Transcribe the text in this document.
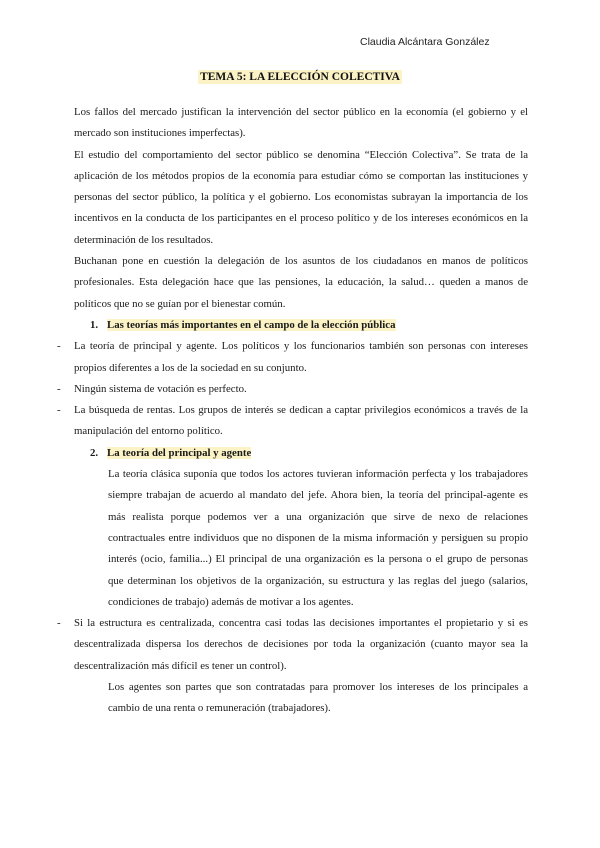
Claudia Alcántara González
TEMA 5: LA ELECCIÓN COLECTIVA

Los fallos del mercado justifican la intervención del sector público en la economía (el gobierno y el mercado son instituciones imperfectas).

El estudio del comportamiento del sector público se denomina “Elección Colectiva”. Se trata de la aplicación de los métodos propios de la economía para estudiar cómo se comportan las instituciones y personas del sector público, la política y el gobierno. Los economistas subrayan la importancia de los incentivos en la conducta de los participantes en el proceso político y de los intereses económicos en la determinación de los resultados.

Buchanan pone en cuestión la delegación de los asuntos de los ciudadanos en manos de políticos profesionales. Esta delegación hace que las pensiones, la educación, la salud… queden a manos de políticos que no se guían por el bienestar común.

1. Las teorías más importantes en el campo de la elección pública
- La teoría de principal y agente. Los políticos y los funcionarios también son personas con intereses propios diferentes a los de la sociedad en su conjunto.
- Ningún sistema de votación es perfecto.
- La búsqueda de rentas. Los grupos de interés se dedican a captar privilegios económicos a través de la manipulación del entorno político.
2. La teoría del principal y agente

La teoría clásica suponía que todos los actores tuvieran información perfecta y los trabajadores siempre trabajan de acuerdo al mandato del jefe. Ahora bien, la teoría del principal-agente es más realista porque podemos ver a una organización que sirve de nexo de relaciones contractuales entre individuos que no disponen de la misma información y persiguen su propio interés (ocio, familia...) El principal de una organización es la persona o el grupo de personas que determinan los objetivos de la organización, su estructura y las reglas del juego (salarios, condiciones de trabajo) además de motivar a los agentes.

- Si la estructura es centralizada, concentra casi todas las decisiones importantes el propietario y si es descentralizada dispersa los derechos de decisiones por toda la organización (cuanto mayor sea la descentralización más difícil es tener un control).

Los agentes son partes que son contratadas para promover los intereses de los principales a cambio de una renta o remuneración (trabajadores).
